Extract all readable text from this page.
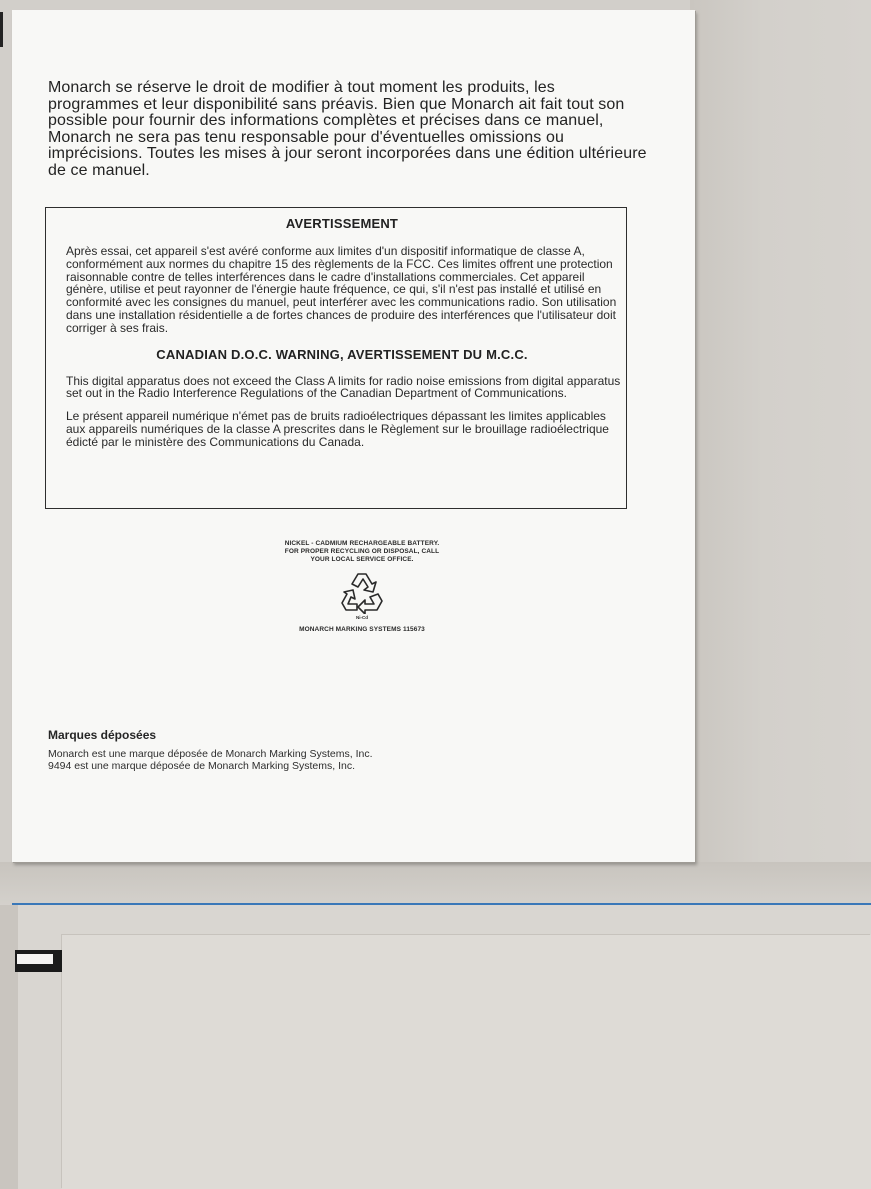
Monarch se réserve le droit de modifier à tout moment les produits, les programmes et leur disponibilité sans préavis. Bien que Monarch ait fait tout son possible pour fournir des informations complètes et précises dans ce manuel, Monarch ne sera pas tenu responsable pour d'éventuelles omissions ou imprécisions. Toutes les mises à jour seront incorporées dans une édition ultérieure de ce manuel.

AVERTISSEMENT

Après essai, cet appareil s'est avéré conforme aux limites d'un dispositif informatique de classe A, conformément aux normes du chapitre 15 des règlements de la FCC. Ces limites offrent une protection raisonnable contre de telles interférences dans le cadre d'installations commerciales. Cet appareil génère, utilise et peut rayonner de l'énergie haute fréquence, ce qui, s'il n'est pas installé et utilisé en conformité avec les consignes du manuel, peut interférer avec les communications radio. Son utilisation dans une installation résidentielle a de fortes chances de produire des interférences que l'utilisateur doit corriger à ses frais.

CANADIAN D.O.C. WARNING, AVERTISSEMENT DU M.C.C.

This digital apparatus does not exceed the Class A limits for radio noise emissions from digital apparatus set out in the Radio Interference Regulations of the Canadian Department of Communications.

Le présent appareil numérique n'émet pas de bruits radioélectriques dépassant les limites applicables aux appareils numériques de la classe A prescrites dans le Règlement sur le brouillage radioélectrique édicté par le ministère des Communications du Canada.

NICKEL - CADMIUM RECHARGEABLE BATTERY.
FOR PROPER RECYCLING OR DISPOSAL, CALL
YOUR LOCAL SERVICE OFFICE.
Ni-Cd
MONARCH MARKING SYSTEMS 115673

Marques déposées

Monarch est une marque déposée de Monarch Marking Systems, Inc.

9494 est une marque déposée de Monarch Marking Systems, Inc.
